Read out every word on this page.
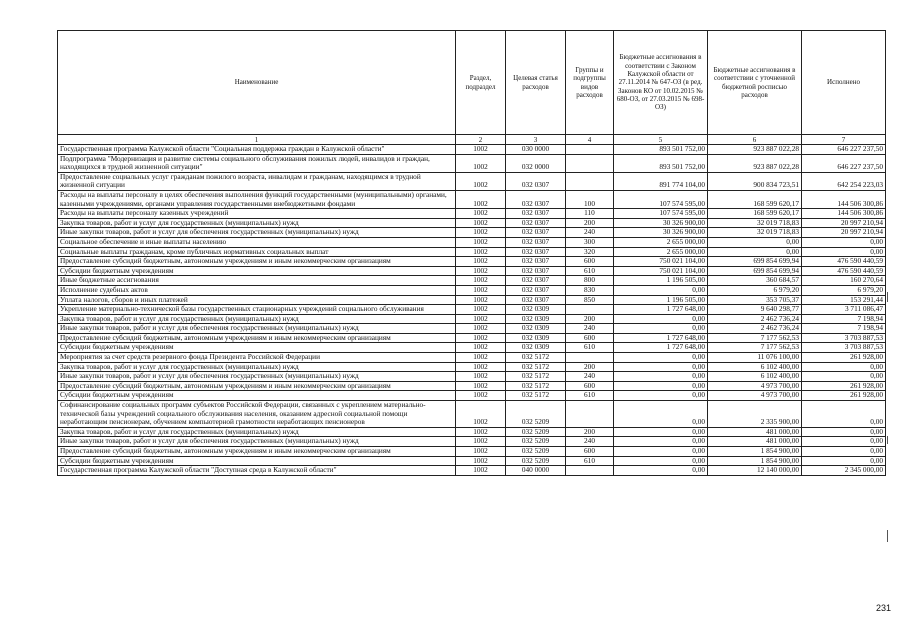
Наименование	Раздел, подраздел	Целевая статья расходов	Группы и подгруппы видов расходов	Бюджетные ассигнования в соответствии с Законом Калужской области от 27.11.2014 № 647-ОЗ (в ред. Законов КО от 10.02.2015 № 680-ОЗ, от 27.03.2015 № 698-ОЗ)	Бюджетные ассигнования в соответствии с уточненной бюджетной росписью расходов	Исполнено
1	2	3	4	5	6	7
Государственная программа Калужской области "Социальная поддержка граждан в Калужской области"	1002	030 0000		893 501 752,00	923 887 022,28	646 227 237,50
Подпрограмма "Модернизация и развитие системы социального обслуживания пожилых людей, инвалидов и граждан, находящихся в трудной жизненной ситуации"	1002	032 0000		893 501 752,00	923 887 022,28	646 227 237,50
Предоставление социальных услуг гражданам пожилого возраста, инвалидам и гражданам, находящимся в трудной жизненной ситуации	1002	032 0307		891 774 104,00	900 834 723,51	642 254 223,03
Расходы на выплаты персоналу в целях обеспечения выполнения функций государственными (муниципальными) органами, казенными учреждениями, органами управления государственными внебюджетными фондами	1002	032 0307	100	107 574 595,00	168 599 620,17	144 506 300,86
Расходы на выплаты персоналу казенных учреждений	1002	032 0307	110	107 574 595,00	168 599 620,17	144 506 300,86
Закупка товаров, работ и услуг для государственных (муниципальных) нужд	1002	032 0307	200	30 326 900,00	32 019 718,83	20 997 210,94
Иные закупки товаров, работ и услуг для обеспечения государственных (муниципальных) нужд	1002	032 0307	240	30 326 900,00	32 019 718,83	20 997 210,94
Социальное обеспечение и иные выплаты населению	1002	032 0307	300	2 655 000,00	0,00	0,00
Социальные выплаты гражданам, кроме публичных нормативных социальных выплат	1002	032 0307	320	2 655 000,00	0,00	0,00
Предоставление субсидий бюджетным, автономным учреждениям и иным некоммерческим организациям	1002	032 0307	600	750 021 104,00	699 854 699,94	476 590 440,59
Субсидии бюджетным учреждениям	1002	032 0307	610	750 021 104,00	699 854 699,94	476 590 440,59
Иные бюджетные ассигнования	1002	032 0307	800	1 196 505,00	360 684,57	160 270,64
Исполнение судебных актов	1002	032 0307	830	0,00	6 979,20	6 979,20
Уплата налогов, сборов и иных платежей	1002	032 0307	850	1 196 505,00	353 705,37	153 291,44
Укрепление материально-технической базы государственных стационарных учреждений социального обслуживания	1002	032 0309		1 727 648,00	9 640 298,77	3 711 086,47
Закупка товаров, работ и услуг для государственных (муниципальных) нужд	1002	032 0309	200	0,00	2 462 736,24	7 198,94
Иные закупки товаров, работ и услуг для обеспечения государственных (муниципальных) нужд	1002	032 0309	240	0,00	2 462 736,24	7 198,94
Предоставление субсидий бюджетным, автономным учреждениям и иным некоммерческим организациям	1002	032 0309	600	1 727 648,00	7 177 562,53	3 703 887,53
Субсидии бюджетным учреждениям	1002	032 0309	610	1 727 648,00	7 177 562,53	3 703 887,53
Мероприятия за счет средств резервного фонда Президента Российской Федерации	1002	032 5172		0,00	11 076 100,00	261 928,00
Закупка товаров, работ и услуг для государственных (муниципальных) нужд	1002	032 5172	200	0,00	6 102 400,00	0,00
Иные закупки товаров, работ и услуг для обеспечения государственных (муниципальных) нужд	1002	032 5172	240	0,00	6 102 400,00	0,00
Предоставление субсидий бюджетным, автономным учреждениям и иным некоммерческим организациям	1002	032 5172	600	0,00	4 973 700,00	261 928,00
Субсидии бюджетным учреждениям	1002	032 5172	610	0,00	4 973 700,00	261 928,00
Софинансирование социальных программ субъектов Российской Федерации, связанных с укреплением материально-технической базы учреждений социального обслуживания населения, оказанием адресной социальной помощи неработающим пенсионерам, обучением компьютерной грамотности неработающих пенсионеров	1002	032 5209		0,00	2 335 900,00	0,00
Закупка товаров, работ и услуг для государственных (муниципальных) нужд	1002	032 5209	200	0,00	481 000,00	0,00
Иные закупки товаров, работ и услуг для обеспечения государственных (муниципальных) нужд	1002	032 5209	240	0,00	481 000,00	0,00
Предоставление субсидий бюджетным, автономным учреждениям и иным некоммерческим организациям	1002	032 5209	600	0,00	1 854 900,00	0,00
Субсидии бюджетным учреждениям	1002	032 5209	610	0,00	1 854 900,00	0,00
Государственная программа Калужской области "Доступная среда в Калужской области"	1002	040 0000		0,00	12 140 000,00	2 345 000,00
231
